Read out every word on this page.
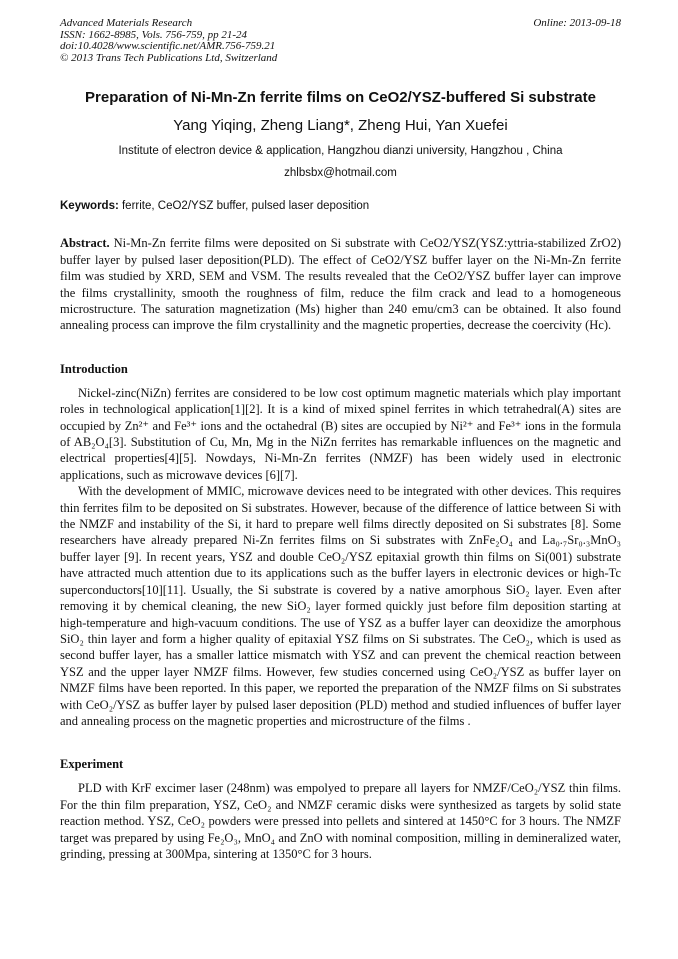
Advanced Materials Research
ISSN: 1662-8985, Vols. 756-759, pp 21-24
doi:10.4028/www.scientific.net/AMR.756-759.21
© 2013 Trans Tech Publications Ltd, Switzerland
Online: 2013-09-18
Preparation of Ni-Mn-Zn ferrite films on CeO2/YSZ-buffered Si substrate
Yang Yiqing, Zheng Liang*, Zheng Hui, Yan Xuefei
Institute of electron device & application, Hangzhou dianzi university, Hangzhou , China
zhlbsbx@hotmail.com
Keywords: ferrite, CeO2/YSZ buffer, pulsed laser deposition

Abstract. Ni-Mn-Zn ferrite films were deposited on Si substrate with CeO2/YSZ(YSZ:yttria-stabilized ZrO2) buffer layer by pulsed laser deposition(PLD). The effect of CeO2/YSZ buffer layer on the Ni-Mn-Zn ferrite film was studied by XRD, SEM and VSM. The results revealed that the CeO2/YSZ buffer layer can improve the films crystallinity, smooth the roughness of film, reduce the film crack and lead to a homogeneous microstructure. The saturation magnetization (Ms) higher than 240 emu/cm3 can be obtained. It also found annealing process can improve the film crystallinity and the magnetic properties, decrease the coercivity (Hc).

Introduction

Nickel-zinc(NiZn) ferrites are considered to be low cost optimum magnetic materials which play important roles in technological application[1][2]. It is a kind of mixed spinel ferrites in which tetrahedral(A) sites are occupied by Zn²⁺ and Fe³⁺ ions and the octahedral (B) sites are occupied by Ni²⁺ and Fe³⁺ ions in the formula of AB₂O₄[3]. Substitution of Cu, Mn, Mg in the NiZn ferrites has remarkable influences on the magnetic and electrical properties[4][5]. Nowdays, Ni-Mn-Zn ferrites (NMZF) has been widely used in electronic applications, such as microwave devices [6][7].

With the development of MMIC, microwave devices need to be integrated with other devices. This requires thin ferrites film to be deposited on Si substrates. However, because of the difference of lattice between Si with the NMZF and instability of the Si, it hard to prepare well films directly deposited on Si substrates [8]. Some researchers have already prepared Ni-Zn ferrites films on Si substrates with ZnFe₂O₄ and La₀.₇Sr₀.₃MnO₃ buffer layer [9]. In recent years, YSZ and double CeO₂/YSZ epitaxial growth thin films on Si(001) substrate have attracted much attention due to its applications such as the buffer layers in electronic devices or high-Tc superconductors[10][11]. Usually, the Si substrate is covered by a native amorphous SiO₂ layer. Even after removing it by chemical cleaning, the new SiO₂ layer formed quickly just before film deposition starting at high-temperature and high-vacuum conditions. The use of YSZ as a buffer layer can deoxidize the amorphous SiO₂ thin layer and form a higher quality of epitaxial YSZ films on Si substrates. The CeO₂, which is used as second buffer layer, has a smaller lattice mismatch with YSZ and can prevent the chemical reaction between YSZ and the upper layer NMZF films. However, few studies concerned using CeO₂/YSZ as buffer layer on NMZF films have been reported. In this paper, we reported the preparation of the NMZF films on Si substrates with CeO₂/YSZ as buffer layer by pulsed laser deposition (PLD) method and studied influences of buffer layer and annealing process on the magnetic properties and microstructure of the films .

Experiment

PLD with KrF excimer laser (248nm) was empolyed to prepare all layers for NMZF/CeO₂/YSZ thin films. For the thin film preparation, YSZ, CeO₂ and NMZF ceramic disks were synthesized as targets by solid state reaction method. YSZ, CeO₂ powders were pressed into pellets and sintered at 1450°C for 3 hours. The NMZF target was prepared by using Fe₂O₃, MnO₄ and ZnO with nominal composition, milling in demineralized water, grinding, pressing at 300Mpa, sintering at 1350°C for 3 hours.
